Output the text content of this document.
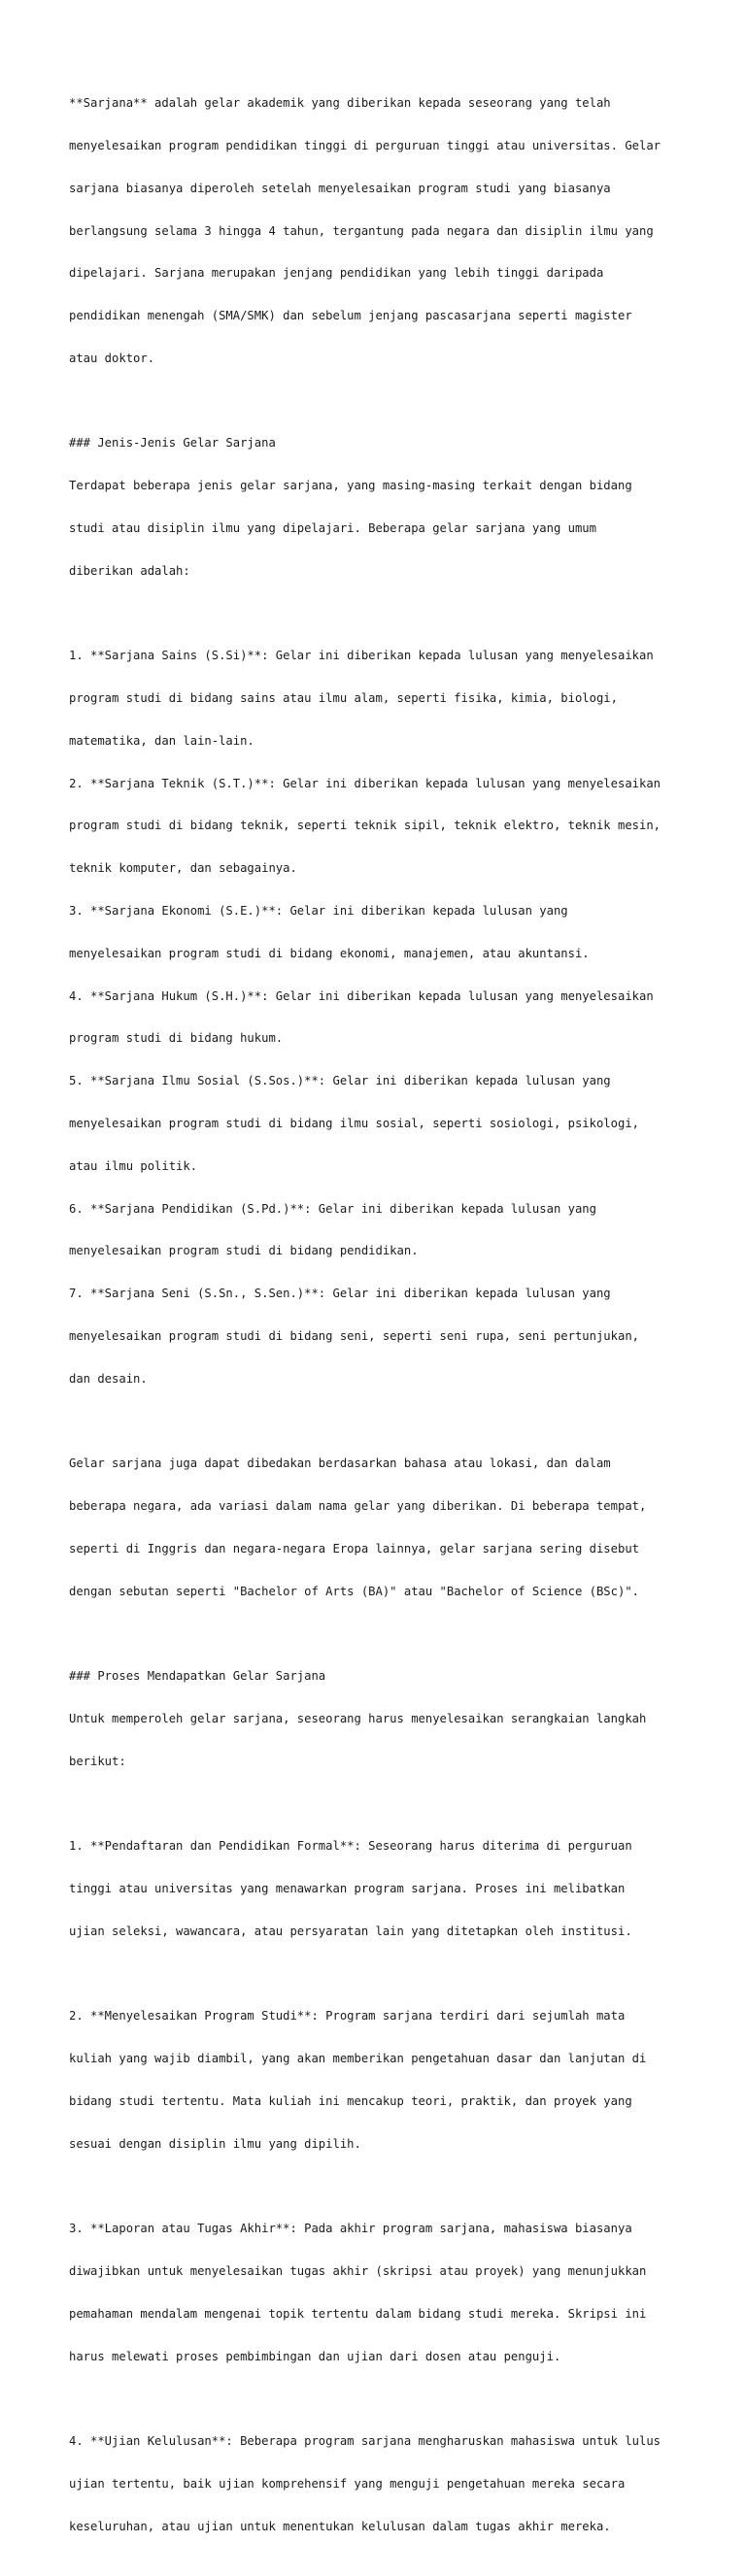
**Sarjana** adalah gelar akademik yang diberikan kepada seseorang yang telah

menyelesaikan program pendidikan tinggi di perguruan tinggi atau universitas. Gelar

sarjana biasanya diperoleh setelah menyelesaikan program studi yang biasanya

berlangsung selama 3 hingga 4 tahun, tergantung pada negara dan disiplin ilmu yang

dipelajari. Sarjana merupakan jenjang pendidikan yang lebih tinggi daripada

pendidikan menengah (SMA/SMK) dan sebelum jenjang pascasarjana seperti magister

atau doktor.

### Jenis-Jenis Gelar Sarjana

Terdapat beberapa jenis gelar sarjana, yang masing-masing terkait dengan bidang

studi atau disiplin ilmu yang dipelajari. Beberapa gelar sarjana yang umum

diberikan adalah:

1. **Sarjana Sains (S.Si)**: Gelar ini diberikan kepada lulusan yang menyelesaikan

program studi di bidang sains atau ilmu alam, seperti fisika, kimia, biologi,

matematika, dan lain-lain.

2. **Sarjana Teknik (S.T.)**: Gelar ini diberikan kepada lulusan yang menyelesaikan

program studi di bidang teknik, seperti teknik sipil, teknik elektro, teknik mesin,

teknik komputer, dan sebagainya.

3. **Sarjana Ekonomi (S.E.)**: Gelar ini diberikan kepada lulusan yang

menyelesaikan program studi di bidang ekonomi, manajemen, atau akuntansi.

4. **Sarjana Hukum (S.H.)**: Gelar ini diberikan kepada lulusan yang menyelesaikan

program studi di bidang hukum.

5. **Sarjana Ilmu Sosial (S.Sos.)**: Gelar ini diberikan kepada lulusan yang

menyelesaikan program studi di bidang ilmu sosial, seperti sosiologi, psikologi,

atau ilmu politik.

6. **Sarjana Pendidikan (S.Pd.)**: Gelar ini diberikan kepada lulusan yang

menyelesaikan program studi di bidang pendidikan.

7. **Sarjana Seni (S.Sn., S.Sen.)**: Gelar ini diberikan kepada lulusan yang

menyelesaikan program studi di bidang seni, seperti seni rupa, seni pertunjukan,

dan desain.

Gelar sarjana juga dapat dibedakan berdasarkan bahasa atau lokasi, dan dalam

beberapa negara, ada variasi dalam nama gelar yang diberikan. Di beberapa tempat,

seperti di Inggris dan negara-negara Eropa lainnya, gelar sarjana sering disebut

dengan sebutan seperti "Bachelor of Arts (BA)" atau "Bachelor of Science (BSc)".

### Proses Mendapatkan Gelar Sarjana

Untuk memperoleh gelar sarjana, seseorang harus menyelesaikan serangkaian langkah

berikut:

1. **Pendaftaran dan Pendidikan Formal**: Seseorang harus diterima di perguruan

tinggi atau universitas yang menawarkan program sarjana. Proses ini melibatkan

ujian seleksi, wawancara, atau persyaratan lain yang ditetapkan oleh institusi.

2. **Menyelesaikan Program Studi**: Program sarjana terdiri dari sejumlah mata

kuliah yang wajib diambil, yang akan memberikan pengetahuan dasar dan lanjutan di

bidang studi tertentu. Mata kuliah ini mencakup teori, praktik, dan proyek yang

sesuai dengan disiplin ilmu yang dipilih.

3. **Laporan atau Tugas Akhir**: Pada akhir program sarjana, mahasiswa biasanya

diwajibkan untuk menyelesaikan tugas akhir (skripsi atau proyek) yang menunjukkan

pemahaman mendalam mengenai topik tertentu dalam bidang studi mereka. Skripsi ini

harus melewati proses pembimbingan dan ujian dari dosen atau penguji.

4. **Ujian Kelulusan**: Beberapa program sarjana mengharuskan mahasiswa untuk lulus

ujian tertentu, baik ujian komprehensif yang menguji pengetahuan mereka secara

keseluruhan, atau ujian untuk menentukan kelulusan dalam tugas akhir mereka.
